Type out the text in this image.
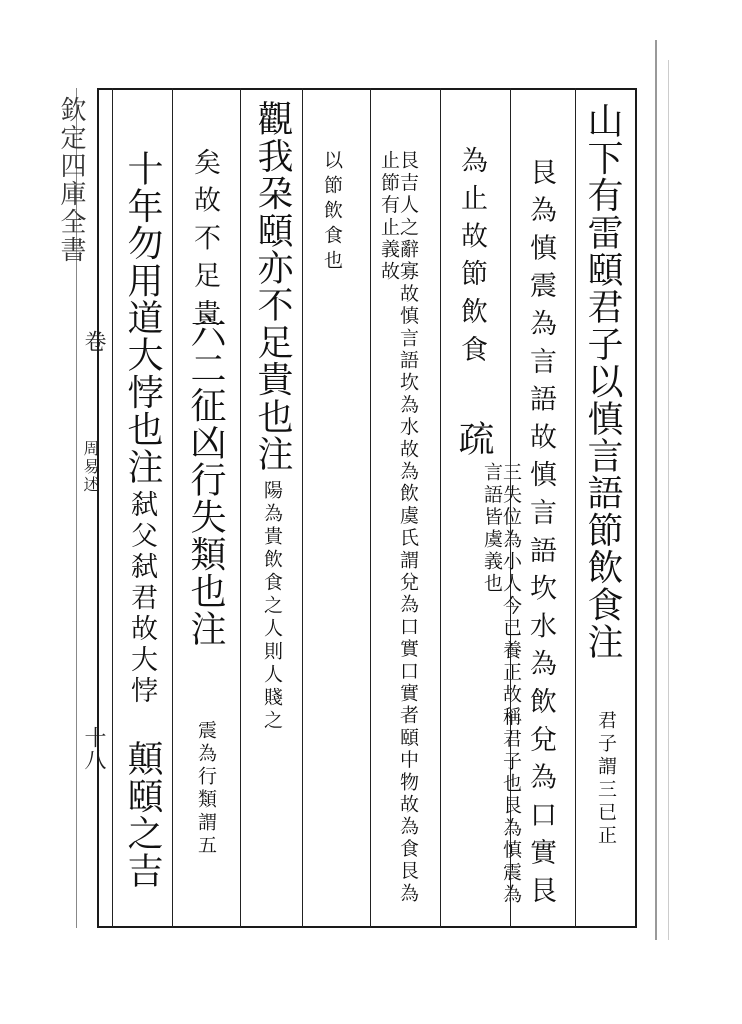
欽定四庫全書
卷
周易述
十八
山下有雷頤君子以慎言語節飲食注
君子謂三已正
艮為慎震為言語故慎言語坎水為飲兌為口實艮
為止故節飲食
疏
三失位為小人今已養正故稱君子也艮為慎震為言語皆虞義也
艮吉人之辭寡故慎言語坎為水故為飲虞氏謂兌為口實口實者頤中物故為食艮為止節有止義故
以節飲食也
觀我朶頤亦不足貴也注
陽為貴飲食之人則人賤之
矣故不足貴
六二征凶行失類也注
震為行類謂五
十年勿用道大悖也注
弑父弑君故大悖
顛頤之吉
